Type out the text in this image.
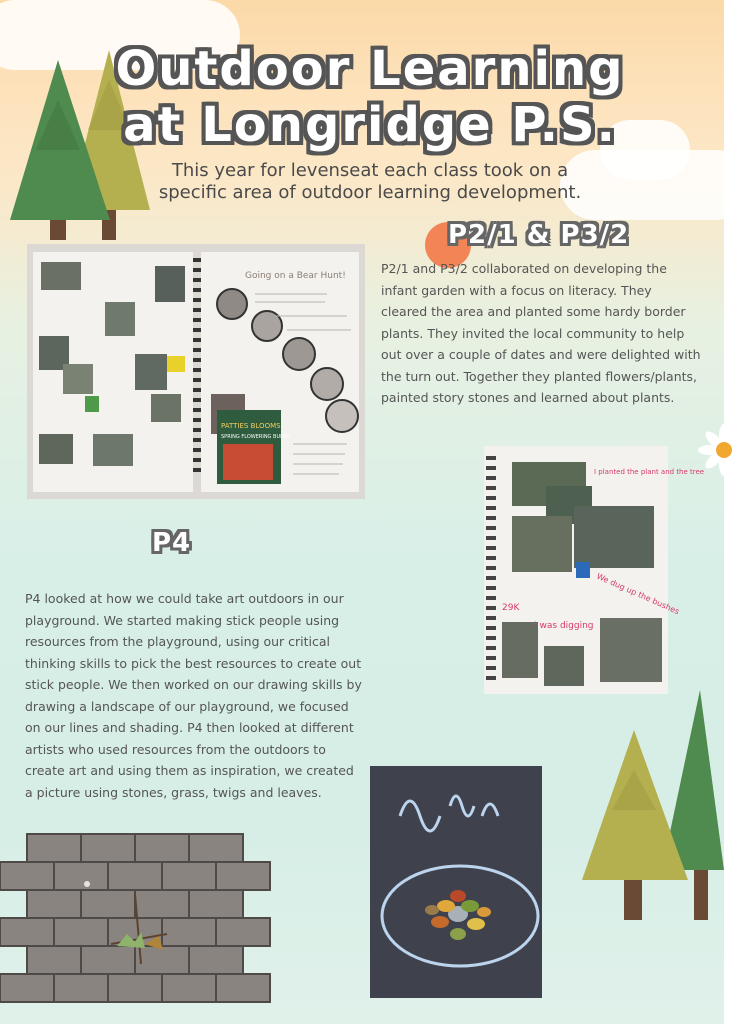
Outdoor Learning
at Longridge P.S.
This year for levenseat each class took on a specific area of outdoor learning development.
P2/1 & P3/2
P2/1 and P3/2 collaborated on developing the infant garden with a focus on literacy. They cleared the area and planted some hardy border plants. They invited the local community to help out over a couple of dates and were delighted with the turn out. Together they planted flowers/plants, painted story stones and learned about plants.
PATTIES BLOOMS
SPRING FLOWERING BULBS
Going on a Bear Hunt!
I planted the plant and the tree
We dug up the bushes
I was digging
29K
P4
P4 looked at how we could take art outdoors in our playground. We started making stick people using resources from the playground, using our critical thinking skills to pick the best resources to create out stick people. We then worked on our drawing skills by drawing a landscape of our playground, we focused on our lines and shading. P4 then looked at different artists who used resources from the outdoors to create art and using them as inspiration, we created a picture using stones, grass, twigs and leaves.
